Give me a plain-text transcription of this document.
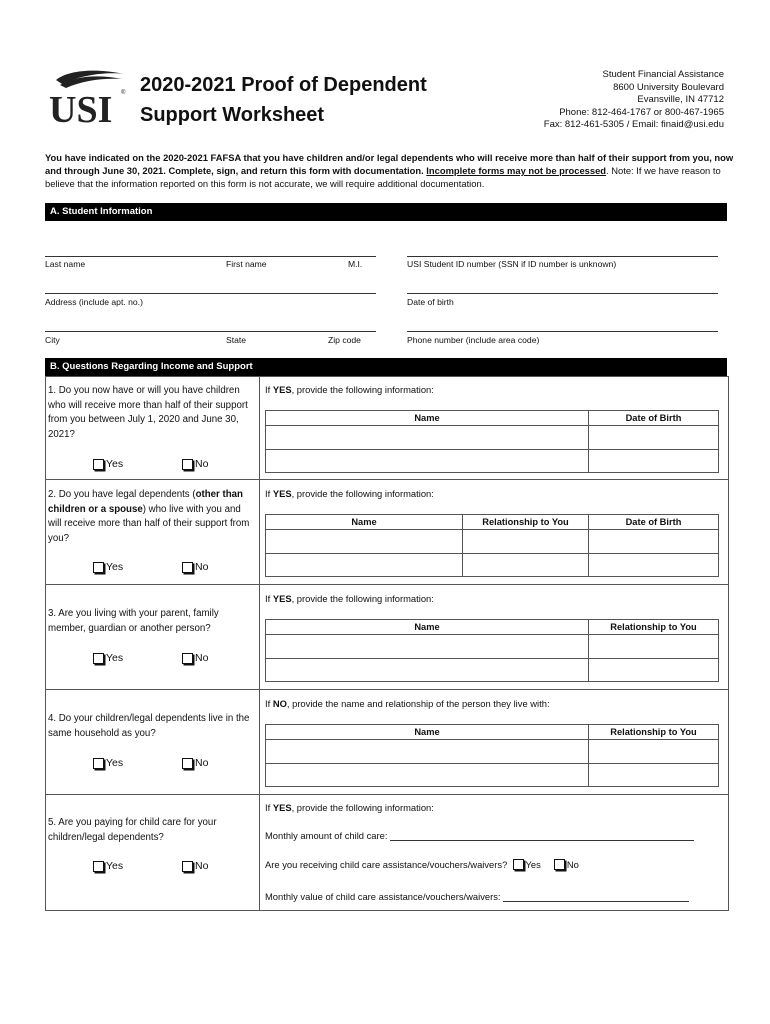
USI ® 2020-2021 Proof of Dependent
Support Worksheet
Student Financial Assistance
8600 University Boulevard
Evansville, IN 47712
Phone: 812-464-1767 or 800-467-1965
Fax: 812-461-5305 / Email: finaid@usi.edu
You have indicated on the 2020-2021 FAFSA that you have children and/or legal dependents who will receive more than half of their support from you, now and through June 30, 2021. Complete, sign, and return this form with documentation. Incomplete forms may not be processed. Note: If we have reason to believe that the information reported on this form is not accurate, we will require additional documentation.
A. Student Information
Last name	First name	M.I.	USI Student ID number (SSN if ID number is unknown)
Address (include apt. no.)	Date of birth
City	State	Zip code	Phone number (include area code)
B. Questions Regarding Income and Support
1. Do you now have or will you have children who will receive more than half of their support from you between July 1, 2020 and June 30, 2021?
Yes	No
If YES, provide the following information:
Name	Date of Birth

2. Do you have legal dependents (other than children or a spouse) who live with you and will receive more than half of their support from you?
Yes	No
If YES, provide the following information:
Name	Relationship to You	Date of Birth

3. Are you living with your parent, family member, guardian or another person?
Yes	No
If YES, provide the following information:
Name	Relationship to You

4. Do your children/legal dependents live in the same household as you?
Yes	No
If NO, provide the name and relationship of the person they live with:
Name	Relationship to You

5. Are you paying for child care for your children/legal dependents?
Yes	No
If YES, provide the following information:
Monthly amount of child care:
Are you receiving child care assistance/vouchers/waivers?
Yes
	No
Monthly value of child care assistance/vouchers/waivers:
